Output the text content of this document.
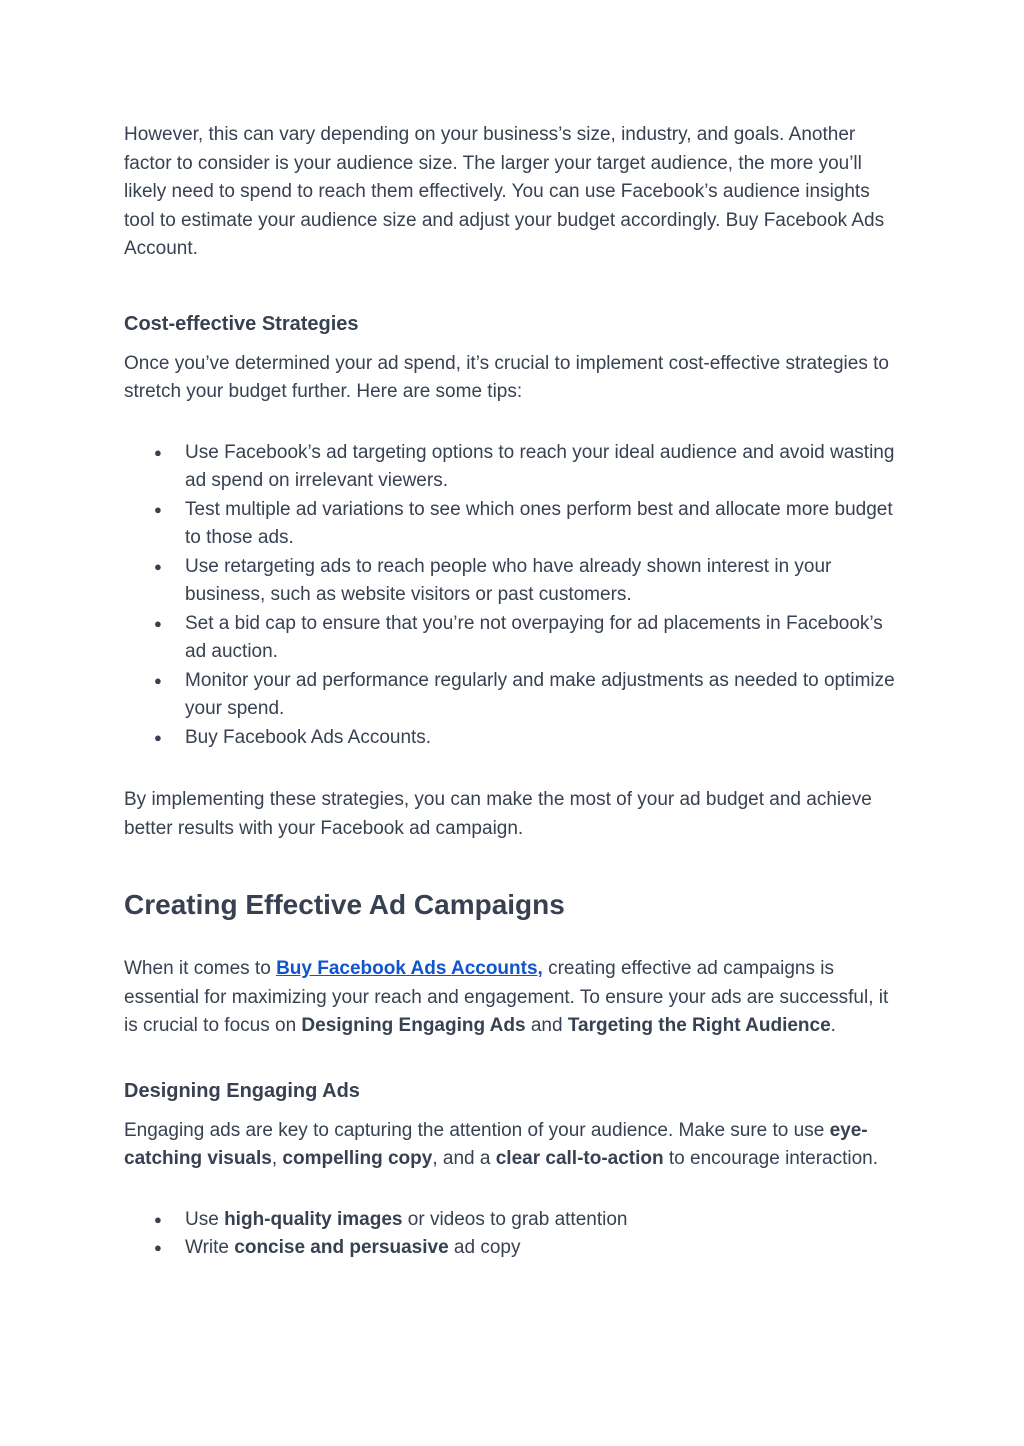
However, this can vary depending on your business’s size, industry, and goals. Another factor to consider is your audience size. The larger your target audience, the more you’ll likely need to spend to reach them effectively. You can use Facebook’s audience insights tool to estimate your audience size and adjust your budget accordingly. Buy Facebook Ads Account.

Cost-effective Strategies

Once you’ve determined your ad spend, it’s crucial to implement cost-effective strategies to stretch your budget further. Here are some tips:

● Use Facebook’s ad targeting options to reach your ideal audience and avoid wasting ad spend on irrelevant viewers.
● Test multiple ad variations to see which ones perform best and allocate more budget to those ads.
● Use retargeting ads to reach people who have already shown interest in your business, such as website visitors or past customers.
● Set a bid cap to ensure that you’re not overpaying for ad placements in Facebook’s ad auction.
● Monitor your ad performance regularly and make adjustments as needed to optimize your spend.
● Buy Facebook Ads Accounts.

By implementing these strategies, you can make the most of your ad budget and achieve better results with your Facebook ad campaign.

Creating Effective Ad Campaigns

When it comes to Buy Facebook Ads Accounts, creating effective ad campaigns is essential for maximizing your reach and engagement. To ensure your ads are successful, it is crucial to focus on Designing Engaging Ads and Targeting the Right Audience.

Designing Engaging Ads

Engaging ads are key to capturing the attention of your audience. Make sure to use eye-catching visuals, compelling copy, and a clear call-to-action to encourage interaction.

● Use high-quality images or videos to grab attention
● Write concise and persuasive ad copy
